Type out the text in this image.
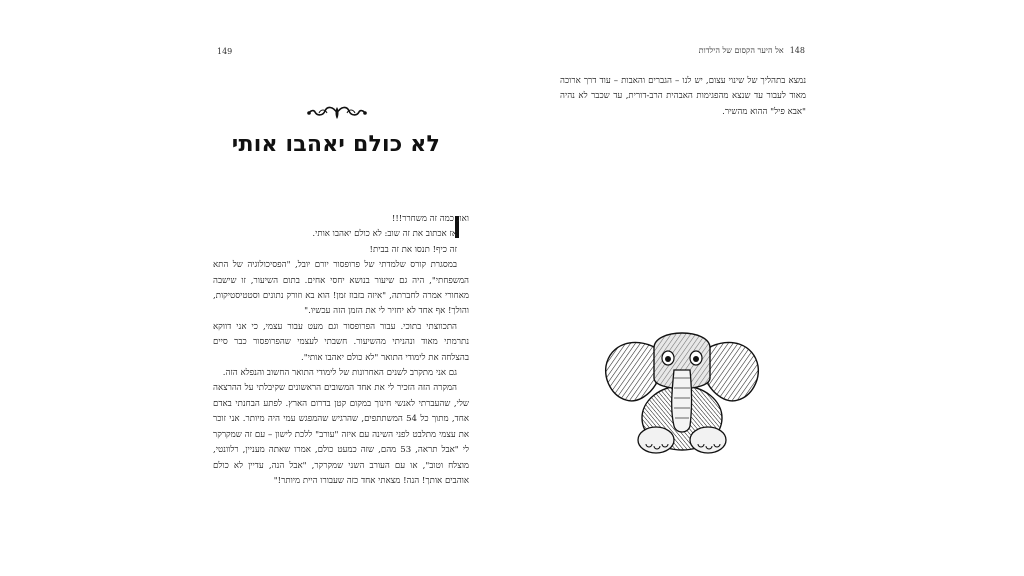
149
לא כולם יאהבו אותי

ואו, כמה זה משחרר!!!

אז אכתוב את זה שוב: לא כולם יאהבו אותי.

זה כיף! תנסו את זה בבית!

במסגרת קורס שלמדתי של פרופסור יורם יובל, "הפסיכולוגיה של התא המשפחתי", היה גם שיעור בנושא יחסי אחים. בתום השיעור, זו שישבה מאחורי אמרה לחברתה, "איזה בזבוז זמן! הוא בא וזורק נתונים וסטטיסטיקות, והולך! אף אחד לא יחזיר לי את הזמן הזה עכשיו."

התכווצתי בתוכי. עבור הפרופסור וגם מעט עבור עצמי, כי אני דווקא נתרמתי מאוד ונהניתי מהשיעור. חשבתי לעצמי שהפרופסור כבר סיים בהצלחה את לימודי התואר "לא כולם יאהבו אותי".

גם אני מתקרב לשנים האחרונות של לימודי התואר החשוב והנפלא הזה.

המקרה הזה הזכיר לי את אחד המשובים הראשונים שקיבלתי על ההרצאה שלי, שהעברתי לאנשי חינוך במקום קטן בדרום הארץ. לפתע הבחנתי באדם אחד, מתוך כל 54 המשתתפים, שהרגיש שהמפגש עמי היה מיותר. אני זוכר את עצמי מתלבט לפני השינה עם איזה "עורב" ללכת לישון – עם זה שמקרקר לי "אבל תראה, 53 מהם, שזה כמעט כולם, אמרו שאתה מעניין, רלוונטי, מוצלח וטוב", או עם העורב השני שמקרקר, "אבל הנה, עדיין לא כולם אוהבים אותך! הנה! מצאתי אחד כזה שעבורו היית מיותר!"

148אל היער הקסום של הילדות

נמצא בתהליך של שינוי עצום, יש לנו – הגברים והאבות – עוד דרך ארוכה מאוד לעבור עד שנצא מהפגימות האבהית הרב-דורית, עד שכבר לא נהיה "אבא פיל" ההוא מהשיר.
